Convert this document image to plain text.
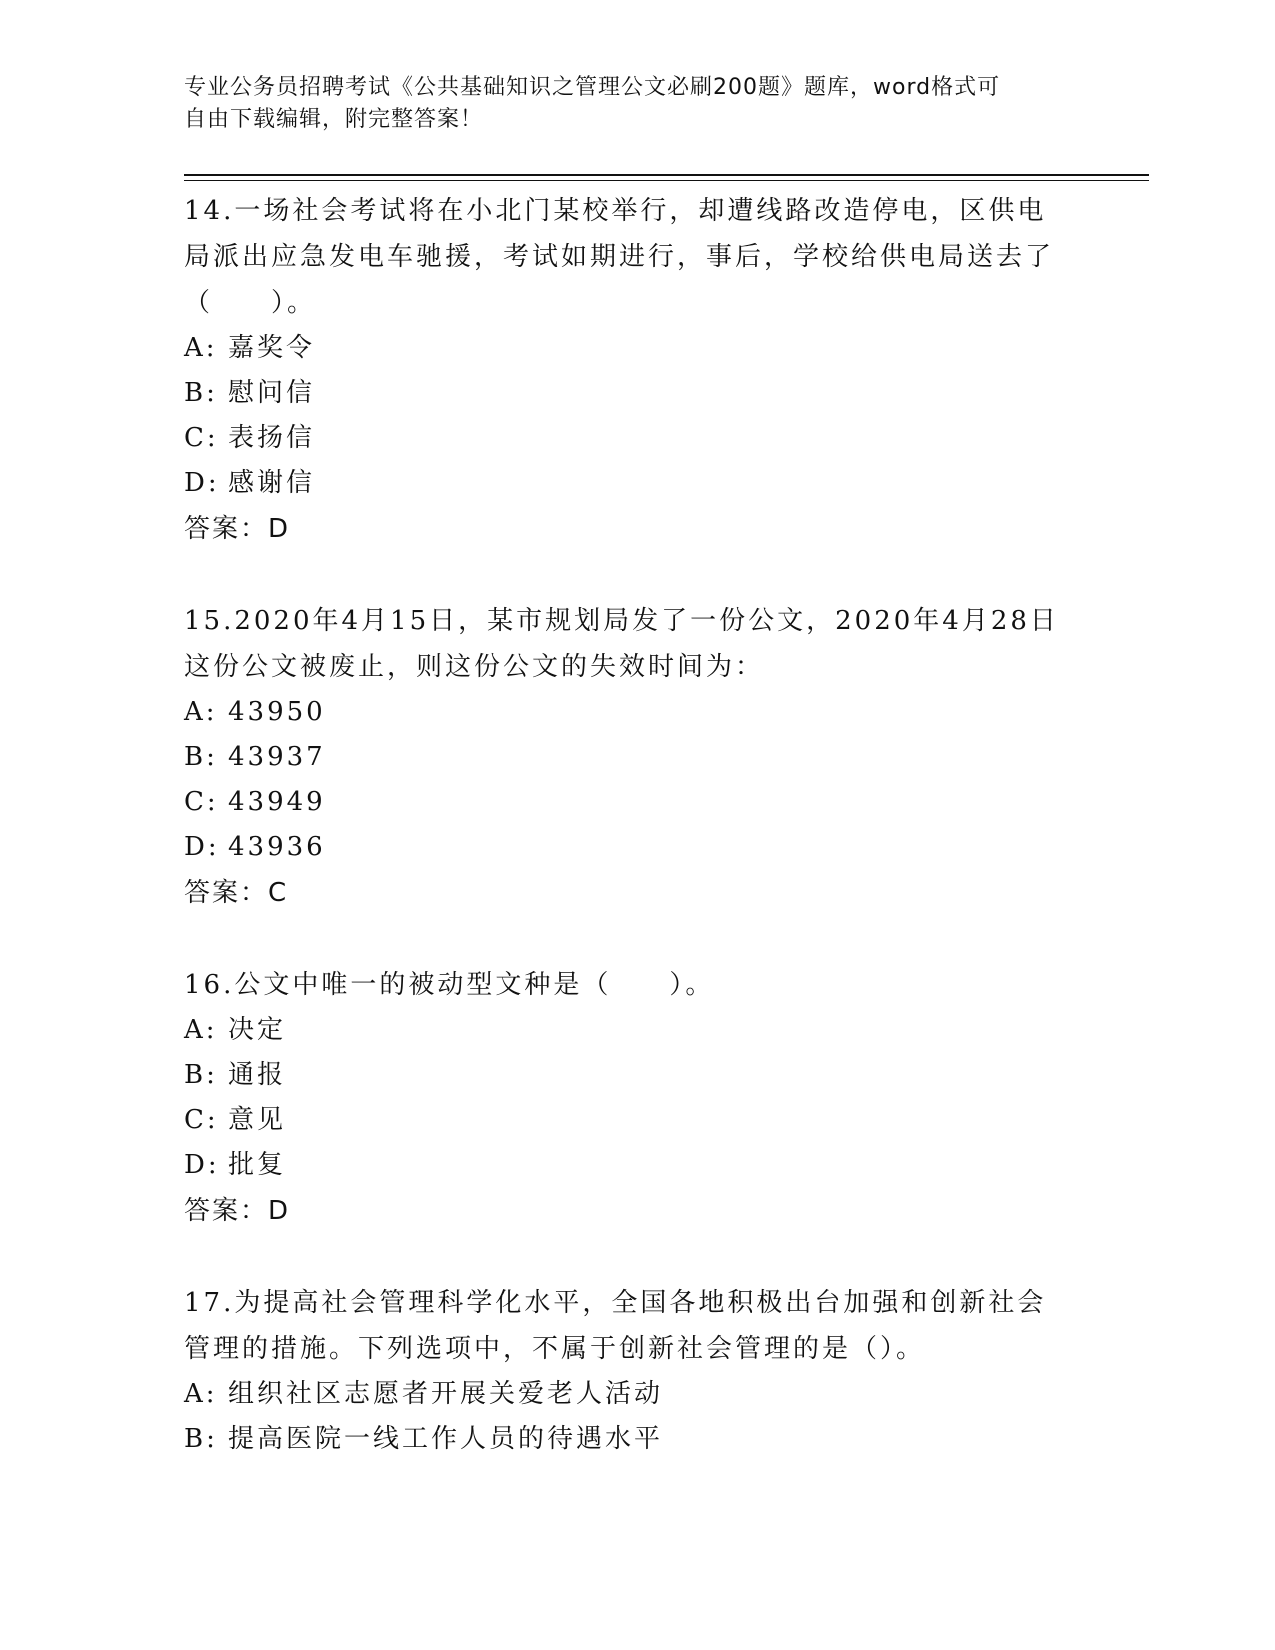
专业公务员招聘考试《公共基础知识之管理公文必刷200题》题库，word格式可
自由下载编辑，附完整答案！

14.一场社会考试将在小北门某校举行，却遭线路改造停电，区供电局派出应急发电车驰援，考试如期进行，事后，学校给供电局送去了（　　）。

A: 嘉奖令
B: 慰问信
C: 表扬信
D: 感谢信

答案：D

15.2020年4月15日，某市规划局发了一份公文，2020年4月28日这份公文被废止，则这份公文的失效时间为：

A: 43950
B: 43937
C: 43949
D: 43936

答案：C

16.公文中唯一的被动型文种是（　　）。

A: 决定
B: 通报
C: 意见
D: 批复

答案：D

17.为提高社会管理科学化水平，全国各地积极出台加强和创新社会管理的措施。下列选项中，不属于创新社会管理的是（）。

A: 组织社区志愿者开展关爱老人活动
B: 提高医院一线工作人员的待遇水平
